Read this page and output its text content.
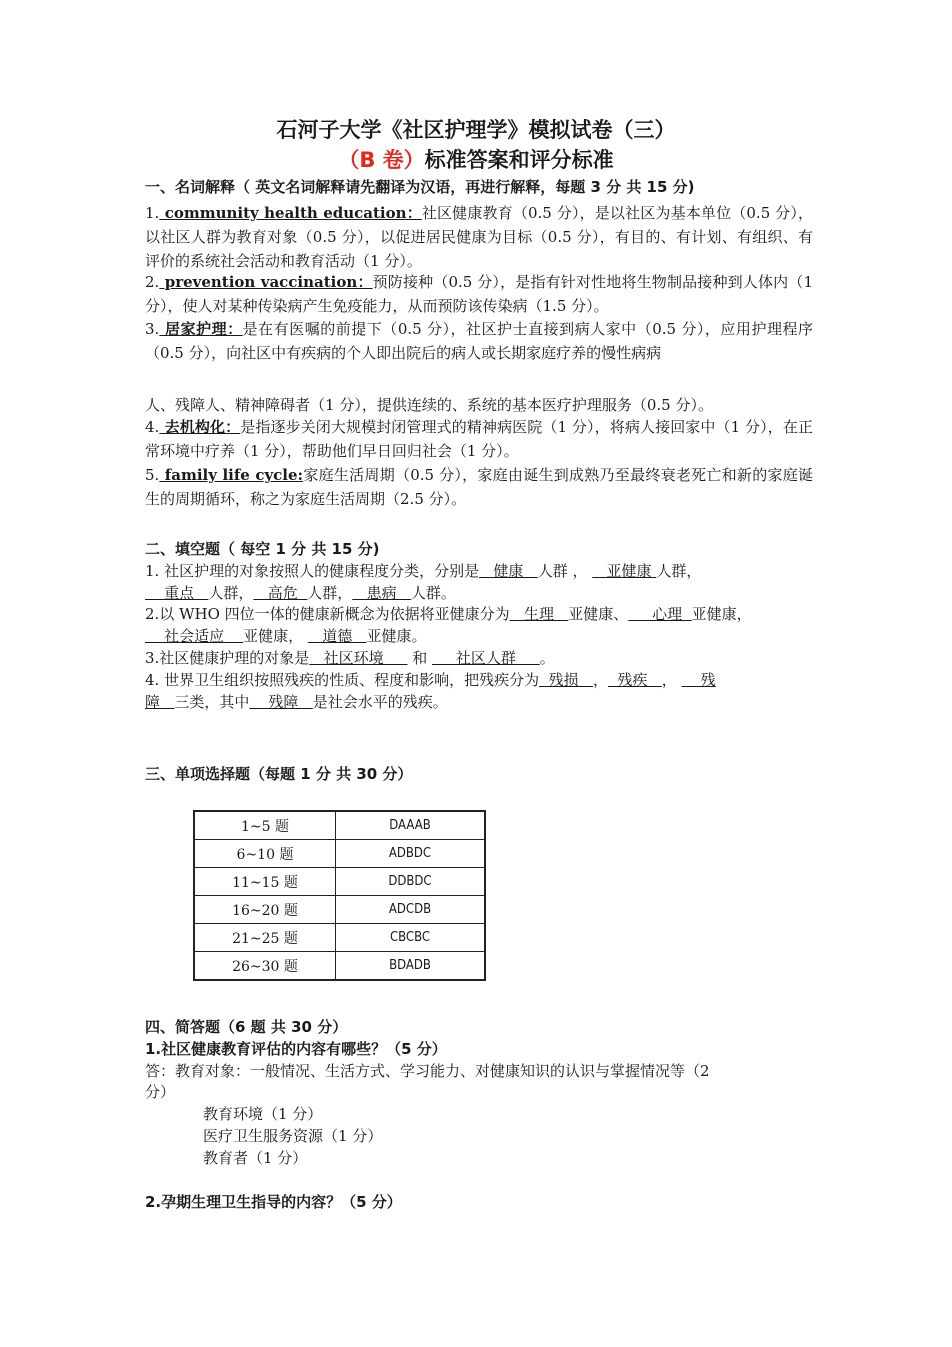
石河子大学《社区护理学》模拟试卷（三）
（B 卷）标准答案和评分标准
一、名词解释（ 英文名词解释请先翻译为汉语，再进行解释，每题 3 分 共 15 分)
1. community health education：社区健康教育（0.5 分），是以社区为基本单位（0.5 分），以社区人群为教育对象（0.5 分），以促进居民健康为目标（0.5 分），有目的、有计划、有组织、有评价的系统社会活动和教育活动（1 分）。
2. prevention vaccination：预防接种（0.5 分），是指有针对性地将生物制品接种到人体内（1 分），使人对某种传染病产生免疫能力，从而预防该传染病（1.5 分）。
3. 居家护理：是在有医嘱的前提下（0.5 分），社区护士直接到病人家中（0.5 分），应用护理程序（0.5 分），向社区中有疾病的个人即出院后的病人或长期家庭疗养的慢性病病
人、残障人、精神障碍者（1 分），提供连续的、系统的基本医疗护理服务（0.5 分）。
4. 去机构化：是指逐步关闭大规模封闭管理式的精神病医院（1 分），将病人接回家中（1 分），在正常环境中疗养（1 分），帮助他们早日回归社会（1 分）。
5. family life cycle:家庭生活周期（0.5 分），家庭由诞生到成熟乃至最终衰老死亡和新的家庭诞生的周期循环，称之为家庭生活周期（2.5 分）。
二、填空题（ 每空 1 分 共 15 分)
1. 社区护理的对象按照人的健康程度分类，分别是   健康   人群 ，    亚健康 人群，
重点   人群，   高危  人群，   患病   人群。
2.以 WHO 四位一体的健康新概念为依据将亚健康分为   生理   亚健康、     心理  亚健康，
社会适应    亚健康，    道德   亚健康。
3.社区健康护理的对象是   社区环境      和      社区人群     。
4. 世界卫生组织按照残疾的性质、程度和影响，把残疾分为  残损   ，  残疾   ，     残
障   三类，其中    残障   是社会水平的残疾。
三、单项选择题（每题 1 分 共 30 分）
1~5 题	DAAAB
6~10 题	ADBDC
11~15 题	DDBDC
16~20 题	ADCDB
21~25 题	CBCBC
26~30 题	BDADB
四、简答题（6 题 共 30 分）
1.社区健康教育评估的内容有哪些？（5 分）
答：教育对象：一般情况、生活方式、学习能力、对健康知识的认识与掌握情况等（2
分）
教育环境（1 分）
医疗卫生服务资源（1 分）
教育者（1 分）
2.孕期生理卫生指导的内容？（5 分）
